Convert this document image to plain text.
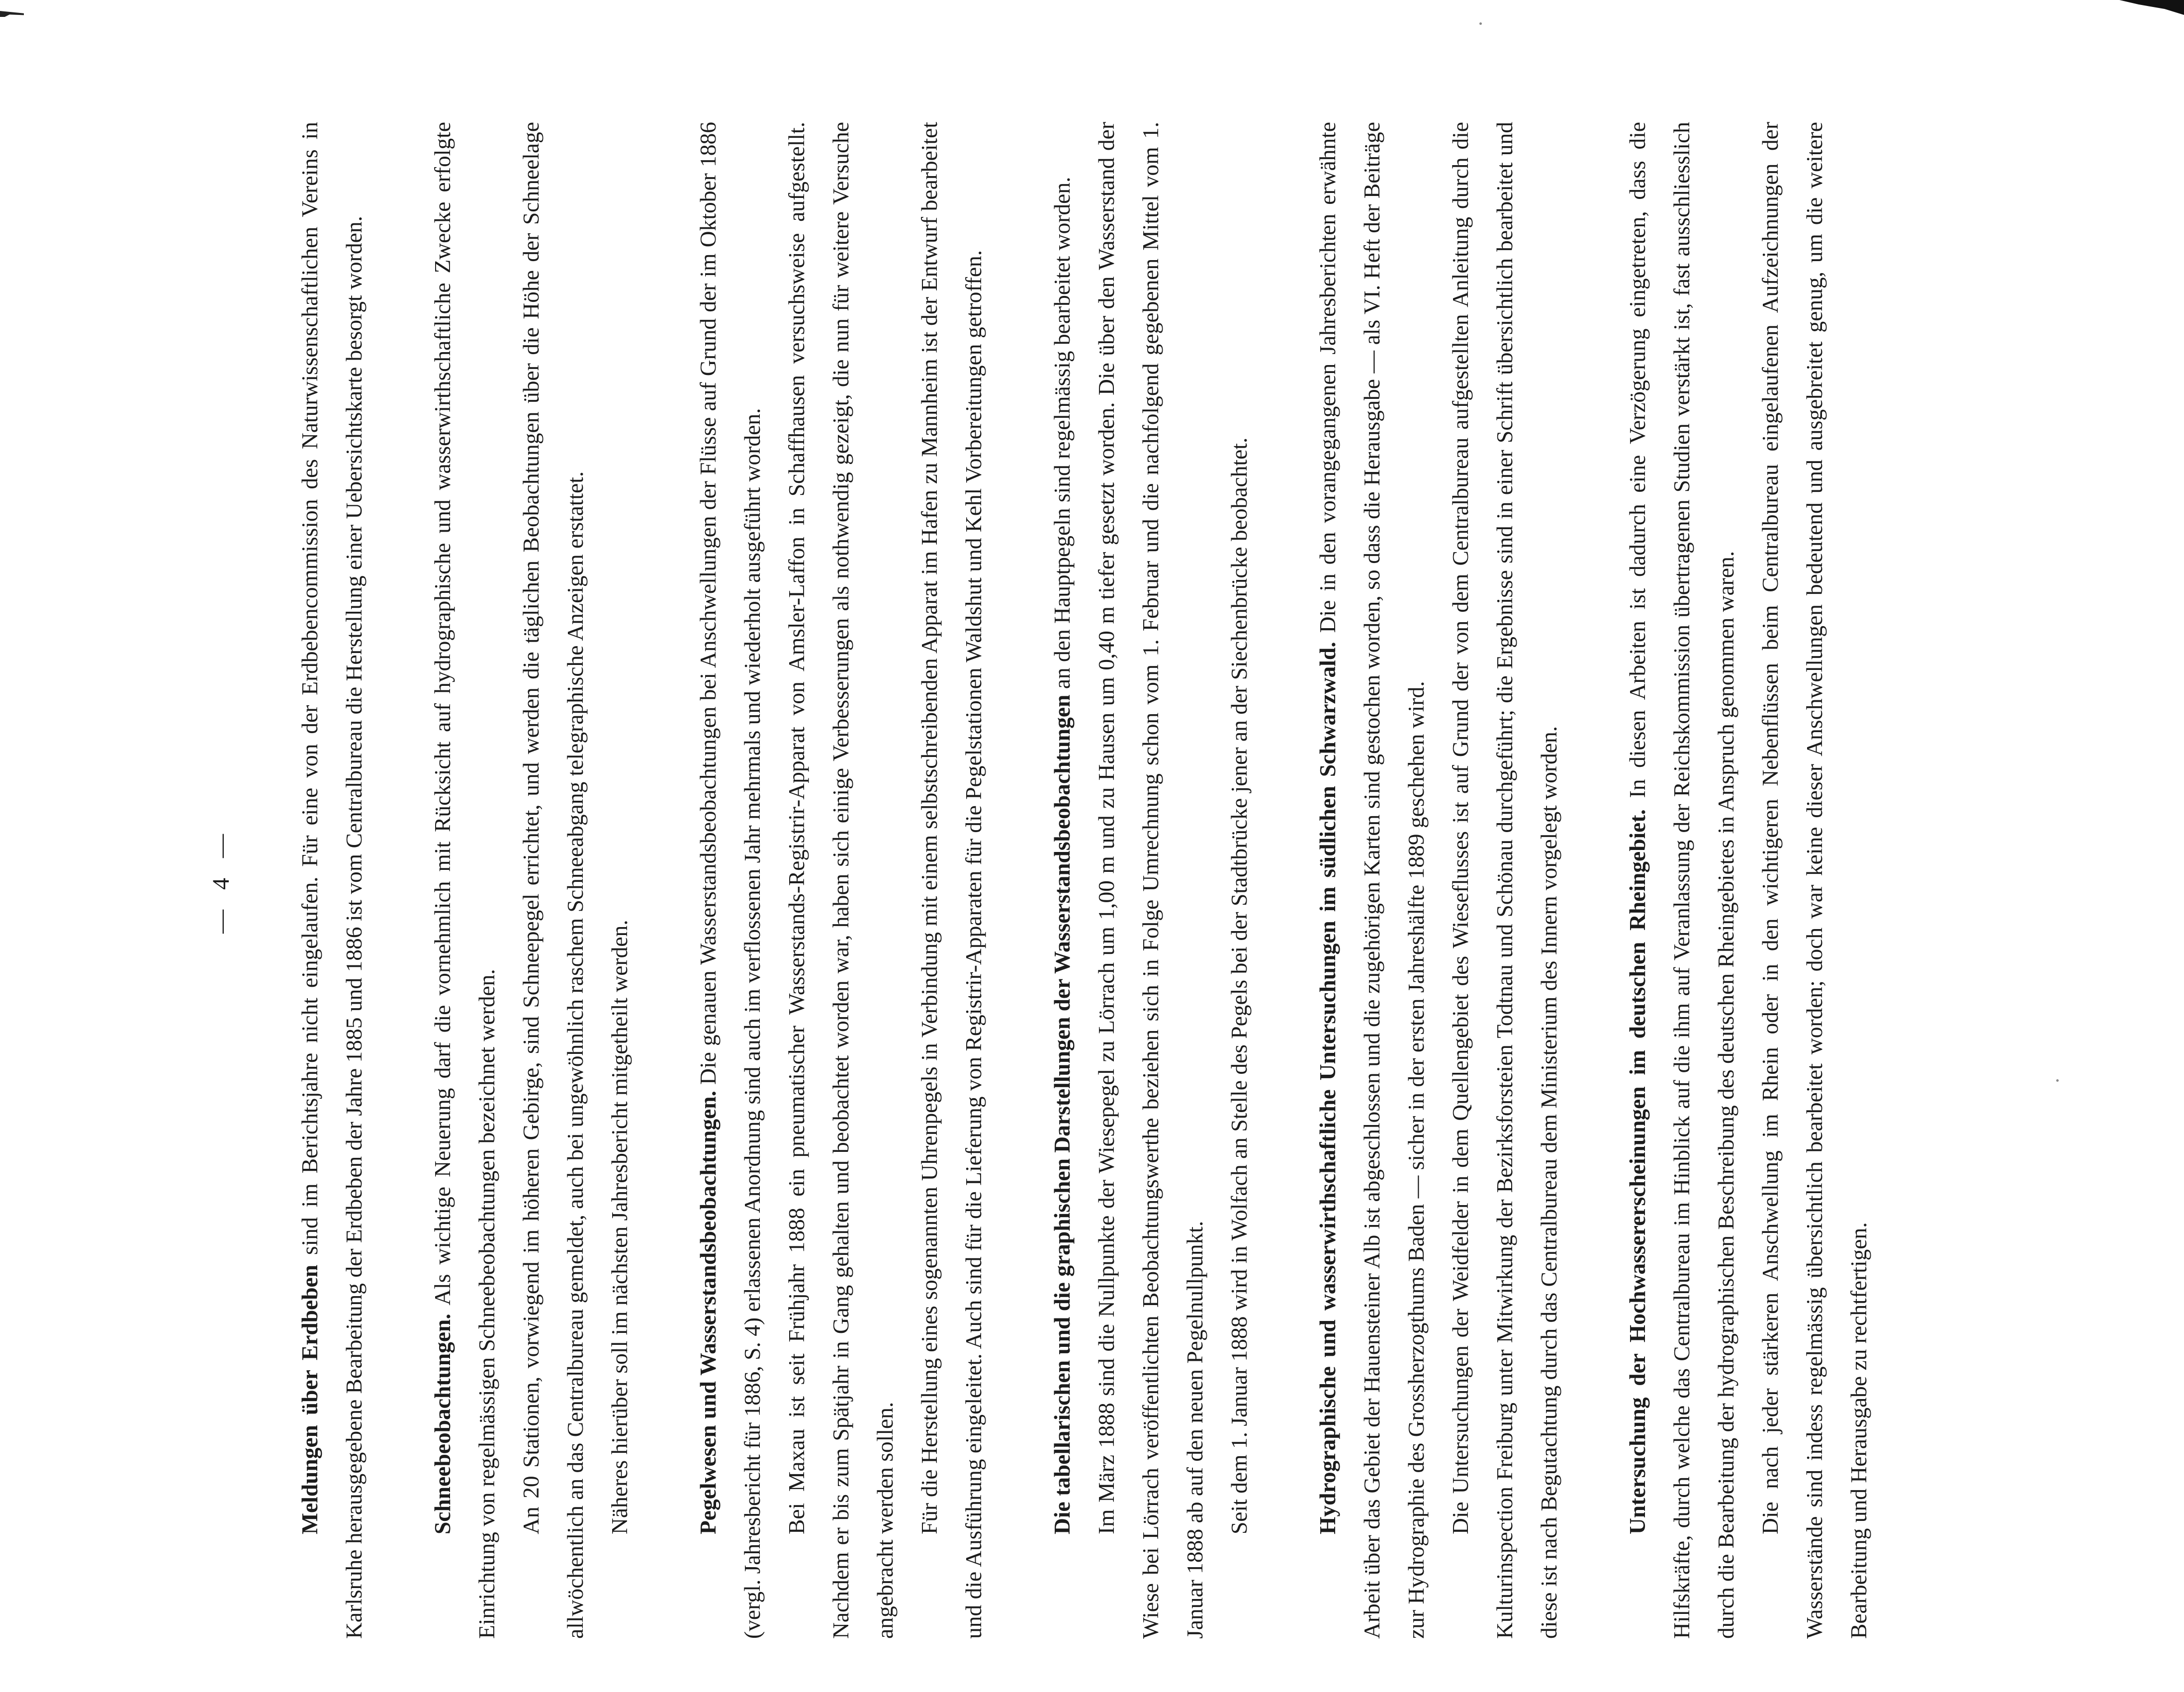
— 4 —

Meldungen über Erdbeben sind im Berichtsjahre nicht eingelaufen. Für eine von der Erdbebencommission des Naturwissenschaftlichen Vereins in Karlsruhe herausgegebene Bearbeitung der Erdbeben der Jahre 1885 und 1886 ist vom Centralbureau die Herstellung einer Uebersichtskarte besorgt worden.	Schneebeobachtungen. Als wichtige Neuerung darf die vornehmlich mit Rücksicht auf hydrographische und wasserwirthschaftliche Zwecke erfolgte Einrichtung von regelmässigen Schneebeobachtungen bezeichnet werden. An 20 Stationen, vorwiegend im höheren Gebirge, sind Schneepegel errichtet, und werden die täglichen Beobachtungen über die Höhe der Schneelage allwöchentlich an das Centralbureau gemeldet, auch bei ungewöhnlich raschem Schneeabgang telegraphische Anzeigen erstattet. Näheres hierüber soll im nächsten Jahresbericht mitgetheilt werden.	Pegelwesen und Wasserstandsbeobachtungen. Die genauen Wasserstandsbeobachtungen bei Anschwellungen der Flüsse auf Grund der im Oktober 1886 (vergl. Jahresbericht für 1886, S. 4) erlassenen Anordnung sind auch im verflossenen Jahr mehrmals und wiederholt ausgeführt worden. Bei Maxau ist seit Frühjahr 1888 ein pneumatischer Wasserstands-Registrir-Apparat von Amsler-Laffon in Schaffhausen versuchsweise aufgestellt. Nachdem er bis zum Spätjahr in Gang gehalten und beobachtet worden war, haben sich einige Verbesserungen als nothwendig gezeigt, die nun für weitere Versuche angebracht werden sollen. Für die Herstellung eines sogenannten Uhrenpegels in Verbindung mit einem selbstschreibenden Apparat im Hafen zu Mannheim ist der Entwurf bearbeitet und die Ausführung eingeleitet. Auch sind für die Lieferung von Registrir-Apparaten für die Pegelstationen Waldshut und Kehl Vorbereitungen getroffen.	Die tabellarischen und die graphischen Darstellungen der Wasserstandsbeobachtungen an den Hauptpegeln sind regelmässig bearbeitet worden. Im März 1888 sind die Nullpunkte der Wiesepegel zu Lörrach um 1,00 m und zu Hausen um 0,40 m tiefer gesetzt worden. Die über den Wasserstand der Wiese bei Lörrach veröffentlichten Beobachtungswerthe beziehen sich in Folge Umrechnung schon vom 1. Februar und die nachfolgend gegebenen Mittel vom 1. Januar 1888 ab auf den neuen Pegelnullpunkt. Seit dem 1. Januar 1888 wird in Wolfach an Stelle des Pegels bei der Stadtbrücke jener an der Siechenbrücke beobachtet.	Hydrographische und wasserwirthschaftliche Untersuchungen im südlichen Schwarzwald. Die in den vorangegangenen Jahresberichten erwähnte Arbeit über das Gebiet der Hauensteiner Alb ist abgeschlossen und die zugehörigen Karten sind gestochen worden, so dass die Herausgabe — als VI. Heft der Beiträge zur Hydrographie des Grossherzogthums Baden — sicher in der ersten Jahreshälfte 1889 geschehen wird. Die Untersuchungen der Weidfelder in dem Quellengebiet des Wieseflusses ist auf Grund der von dem Centralbureau aufgestellten Anleitung durch die Kulturinspection Freiburg unter Mitwirkung der Bezirksforsteien Todtnau und Schönau durchgeführt; die Ergebnisse sind in einer Schrift übersichtlich bearbeitet und diese ist nach Begutachtung durch das Centralbureau dem Ministerium des Innern vorgelegt worden.	Untersuchung der Hochwassererscheinungen im deutschen Rheingebiet. In diesen Arbeiten ist dadurch eine Verzögerung eingetreten, dass die Hilfskräfte, durch welche das Centralbureau im Hinblick auf die ihm auf Veranlassung der Reichskommission übertragenen Studien verstärkt ist, fast ausschliesslich durch die Bearbeitung der hydrographischen Beschreibung des deutschen Rheingebietes in Anspruch genommen waren. Die nach jeder stärkeren Anschwellung im Rhein oder in den wichtigeren Nebenflüssen beim Centralbureau eingelaufenen Aufzeichnungen der Wasserstände sind indess regelmässig übersichtlich bearbeitet worden; doch war keine dieser Anschwellungen bedeutend und ausgebreitet genug, um die weitere Bearbeitung und Herausgabe zu rechtfertigen.
